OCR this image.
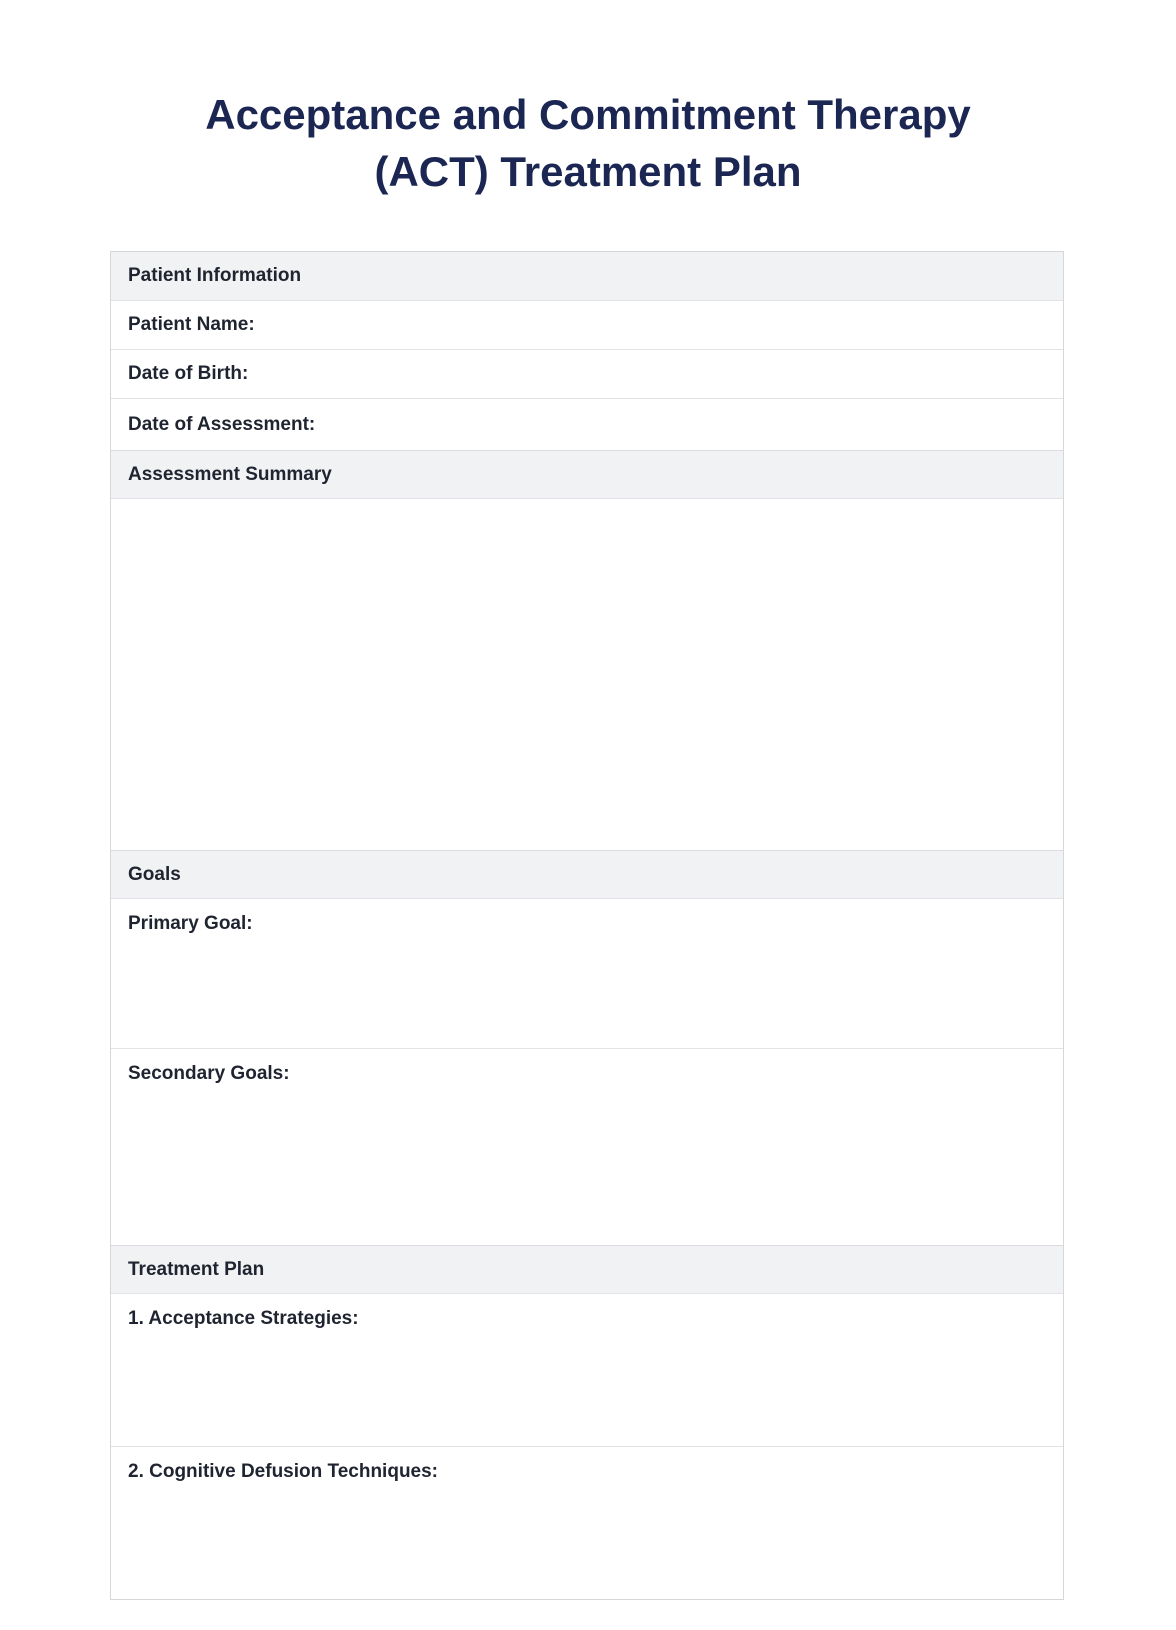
Acceptance and Commitment Therapy
(ACT) Treatment Plan
Patient Information
Patient Name:
Date of Birth:
Date of Assessment:
Assessment Summary
Goals
Primary Goal:
Secondary Goals:
Treatment Plan
1. Acceptance Strategies:
2. Cognitive Defusion Techniques:
